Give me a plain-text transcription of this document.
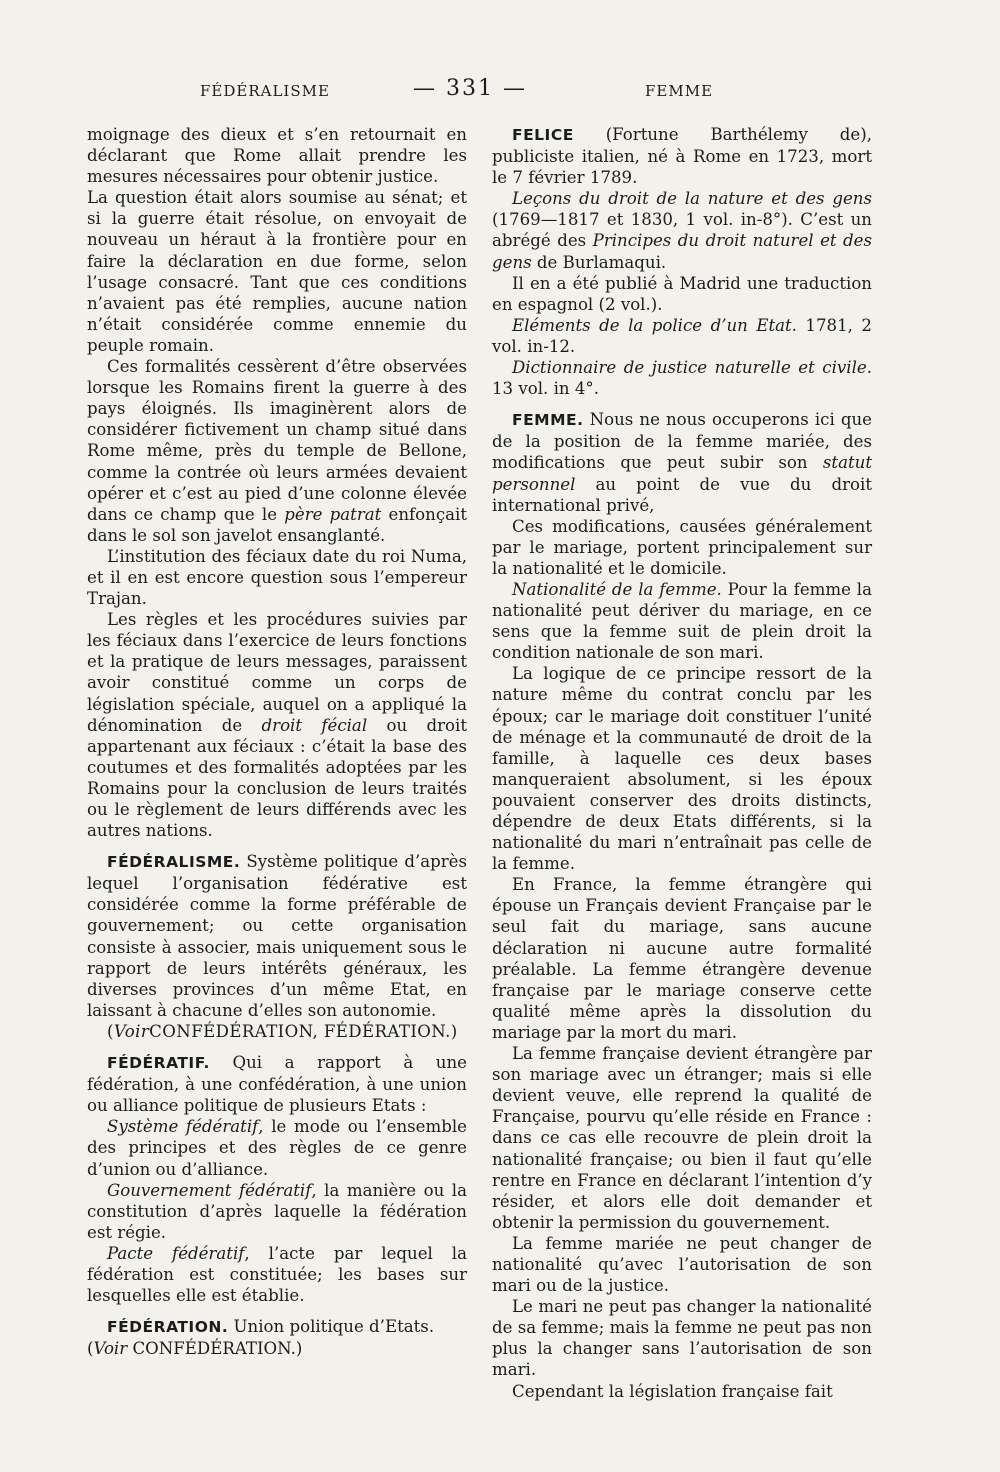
FÉDÉRALISME	— 331 —	FEMME

moignage des dieux et s’en retournait en déclarant que Rome allait prendre les mesures nécessaires pour obtenir justice.

La question était alors soumise au sénat; et si la guerre était résolue, on envoyait de nouveau un héraut à la frontière pour en faire la déclaration en due forme, selon l’usage consacré. Tant que ces conditions n’avaient pas été remplies, aucune nation n’était considérée comme ennemie du peuple romain.

Ces formalités cessèrent d’être observées lorsque les Romains firent la guerre à des pays éloignés. Ils imaginèrent alors de considérer fictivement un champ situé dans Rome même, près du temple de Bellone, comme la contrée où leurs armées devaient opérer et c’est au pied d’une colonne élevée dans ce champ que le père patrat enfonçait dans le sol son javelot ensanglanté.

L’institution des féciaux date du roi Numa, et il en est encore question sous l’empereur Trajan.

Les règles et les procédures suivies par les féciaux dans l’exercice de leurs fonctions et la pratique de leurs messages, paraissent avoir constitué comme un corps de législation spéciale, auquel on a appliqué la dénomination de droit fécial ou droit appartenant aux féciaux : c’était la base des coutumes et des formalités adoptées par les Romains pour la conclusion de leurs traités ou le règlement de leurs différends avec les autres nations.

FÉDÉRALISME. Système politique d’après lequel l’organisation fédérative est considérée comme la forme préférable de gouvernement; ou cette organisation consiste à associer, mais uniquement sous le rapport de leurs intérêts généraux, les diverses provinces d’un même Etat, en laissant à chacune d’elles son autonomie.

(VoirCONFÉDÉRATION, FÉDÉRATION.)

FÉDÉRATIF. Qui a rapport à une fédération, à une confédération, à une union ou alliance politique de plusieurs Etats :

Système fédératif, le mode ou l’ensemble des principes et des règles de ce genre d’union ou d’alliance.

Gouvernement fédératif, la manière ou la constitution d’après laquelle la fédération est régie.

Pacte fédératif, l’acte par lequel la fédération est constituée; les bases sur lesquelles elle est établie.

FÉDÉRATION. Union politique d’Etats.

(Voir CONFÉDÉRATION.)

FELICE (Fortune Barthélemy de), publiciste italien, né à Rome en 1723, mort le 7 février 1789.

Leçons du droit de la nature et des gens (1769—1817 et 1830, 1 vol. in-8°). C’est un abrégé des Principes du droit naturel et des gens de Burlamaqui.

Il en a été publié à Madrid une traduction en espagnol (2 vol.).

Eléments de la police d’un Etat. 1781, 2 vol. in-12.

Dictionnaire de justice naturelle et civile. 13 vol. in 4°.

FEMME. Nous ne nous occuperons ici que de la position de la femme mariée, des modifications que peut subir son statut personnel au point de vue du droit international privé,

Ces modifications, causées généralement par le mariage, portent principalement sur la nationalité et le domicile.

Nationalité de la femme. Pour la femme la nationalité peut dériver du mariage, en ce sens que la femme suit de plein droit la condition nationale de son mari.

La logique de ce principe ressort de la nature même du contrat conclu par les époux; car le mariage doit constituer l’unité de ménage et la communauté de droit de la famille, à laquelle ces deux bases manqueraient absolument, si les époux pouvaient conserver des droits distincts, dépendre de deux Etats différents, si la nationalité du mari n’entraînait pas celle de la femme.

En France, la femme étrangère qui épouse un Français devient Française par le seul fait du mariage, sans aucune déclaration ni aucune autre formalité préalable. La femme étrangère devenue française par le mariage conserve cette qualité même après la dissolution du mariage par la mort du mari.

La femme française devient étrangère par son mariage avec un étranger; mais si elle devient veuve, elle reprend la qualité de Française, pourvu qu’elle réside en France : dans ce cas elle recouvre de plein droit la nationalité française; ou bien il faut qu’elle rentre en France en déclarant l’intention d’y résider, et alors elle doit demander et obtenir la permission du gouvernement.

La femme mariée ne peut changer de nationalité qu’avec l’autorisation de son mari ou de la justice.

Le mari ne peut pas changer la nationalité de sa femme; mais la femme ne peut pas non plus la changer sans l’autorisation de son mari.

Cependant la législation française fait
